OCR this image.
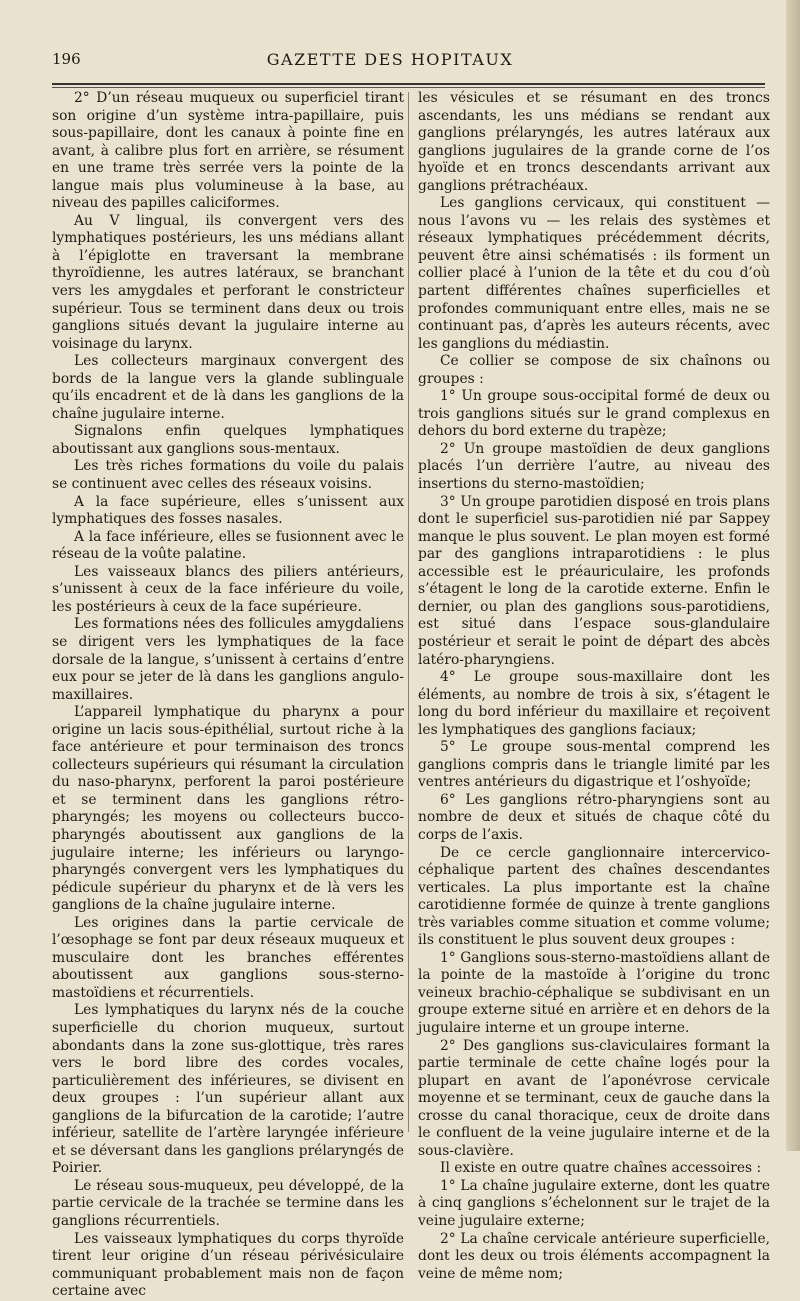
196	GAZETTE DES HOPITAUX

2° D’un réseau muqueux ou superficiel tirant son origine d’un système intra-papillaire, puis sous-papillaire, dont les canaux à pointe fine en avant, à calibre plus fort en arrière, se résument en une trame très serrée vers la pointe de la langue mais plus volumineuse à la base, au niveau des papilles caliciformes.

Au V lingual, ils convergent vers des lymphatiques postérieurs, les uns médians allant à l’épiglotte en traversant la membrane thyroïdienne, les autres latéraux, se branchant vers les amygdales et perforant le constricteur supérieur. Tous se terminent dans deux ou trois ganglions situés devant la jugulaire interne au voisinage du larynx.

Les collecteurs marginaux convergent des bords de la langue vers la glande sublinguale qu’ils encadrent et de là dans les ganglions de la chaîne jugulaire interne.

Signalons enfin quelques lymphatiques aboutissant aux ganglions sous-mentaux.

Les très riches formations du voile du palais se continuent avec celles des réseaux voisins.

A la face supérieure, elles s’unissent aux lymphatiques des fosses nasales.

A la face inférieure, elles se fusionnent avec le réseau de la voûte palatine.

Les vaisseaux blancs des piliers antérieurs, s’unissent à ceux de la face inférieure du voile, les postérieurs à ceux de la face supérieure.

Les formations nées des follicules amygdaliens se dirigent vers les lymphatiques de la face dorsale de la langue, s’unissent à certains d’entre eux pour se jeter de là dans les ganglions angulo-maxillaires.

L’appareil lymphatique du pharynx a pour origine un lacis sous-épithélial, surtout riche à la face antérieure et pour terminaison des troncs collecteurs supérieurs qui résumant la circulation du naso-pharynx, perforent la paroi postérieure et se terminent dans les ganglions rétro-pharyngés; les moyens ou collecteurs bucco-pharyngés aboutissent aux ganglions de la jugulaire interne; les inférieurs ou laryngo-pharyngés convergent vers les lymphatiques du pédicule supérieur du pharynx et de là vers les ganglions de la chaîne jugulaire interne.

Les origines dans la partie cervicale de l’œsophage se font par deux réseaux muqueux et musculaire dont les branches efférentes aboutissent aux ganglions sous-sterno-mastoïdiens et récurrentiels.

Les lymphatiques du larynx nés de la couche superficielle du chorion muqueux, surtout abondants dans la zone sus-glottique, très rares vers le bord libre des cordes vocales, particulièrement des inférieures, se divisent en deux groupes : l’un supérieur allant aux ganglions de la bifurcation de la carotide; l’autre inférieur, satellite de l’artère laryngée inférieure et se déversant dans les ganglions prélaryngés de Poirier.

Le réseau sous-muqueux, peu développé, de la partie cervicale de la trachée se termine dans les ganglions récurrentiels.

Les vaisseaux lymphatiques du corps thyroïde tirent leur origine d’un réseau périvésiculaire communiquant probablement mais non de façon certaine avec

les vésicules et se résumant en des troncs ascendants, les uns médians se rendant aux ganglions prélaryngés, les autres latéraux aux ganglions jugulaires de la grande corne de l’os hyoïde et en troncs descendants arrivant aux ganglions prétrachéaux.

Les ganglions cervicaux, qui constituent — nous l’avons vu — les relais des systèmes et réseaux lymphatiques précédemment décrits, peuvent être ainsi schématisés : ils forment un collier placé à l’union de la tête et du cou d’où partent différentes chaînes superficielles et profondes communiquant entre elles, mais ne se continuant pas, d’après les auteurs récents, avec les ganglions du médiastin.

Ce collier se compose de six chaînons ou groupes :

1° Un groupe sous-occipital formé de deux ou trois ganglions situés sur le grand complexus en dehors du bord externe du trapèze;

2° Un groupe mastoïdien de deux ganglions placés l’un derrière l’autre, au niveau des insertions du sterno-mastoïdien;

3° Un groupe parotidien disposé en trois plans dont le superficiel sus-parotidien nié par Sappey manque le plus souvent. Le plan moyen est formé par des ganglions intraparotidiens : le plus accessible est le préauriculaire, les profonds s’étagent le long de la carotide externe. Enfin le dernier, ou plan des ganglions sous-parotidiens, est situé dans l’espace sous-glandulaire postérieur et serait le point de départ des abcès latéro-pharyngiens.

4° Le groupe sous-maxillaire dont les éléments, au nombre de trois à six, s’étagent le long du bord inférieur du maxillaire et reçoivent les lymphatiques des ganglions faciaux;

5° Le groupe sous-mental comprend les ganglions compris dans le triangle limité par les ventres antérieurs du digastrique et l’oshyoïde;

6° Les ganglions rétro-pharyngiens sont au nombre de deux et situés de chaque côté du corps de l’axis.

De ce cercle ganglionnaire intercervico-céphalique partent des chaînes descendantes verticales. La plus importante est la chaîne carotidienne formée de quinze à trente ganglions très variables comme situation et comme volume; ils constituent le plus souvent deux groupes :

1° Ganglions sous-sterno-mastoïdiens allant de la pointe de la mastoïde à l’origine du tronc veineux brachio-céphalique se subdivisant en un groupe externe situé en arrière et en dehors de la jugulaire interne et un groupe interne.

2° Des ganglions sus-claviculaires formant la partie terminale de cette chaîne logés pour la plupart en avant de l’aponévrose cervicale moyenne et se terminant, ceux de gauche dans la crosse du canal thoracique, ceux de droite dans le confluent de la veine jugulaire interne et de la sous-clavière.

Il existe en outre quatre chaînes accessoires :

1° La chaîne jugulaire externe, dont les quatre à cinq ganglions s’échelonnent sur le trajet de la veine jugulaire externe;

2° La chaîne cervicale antérieure superficielle, dont les deux ou trois éléments accompagnent la veine de même nom;
